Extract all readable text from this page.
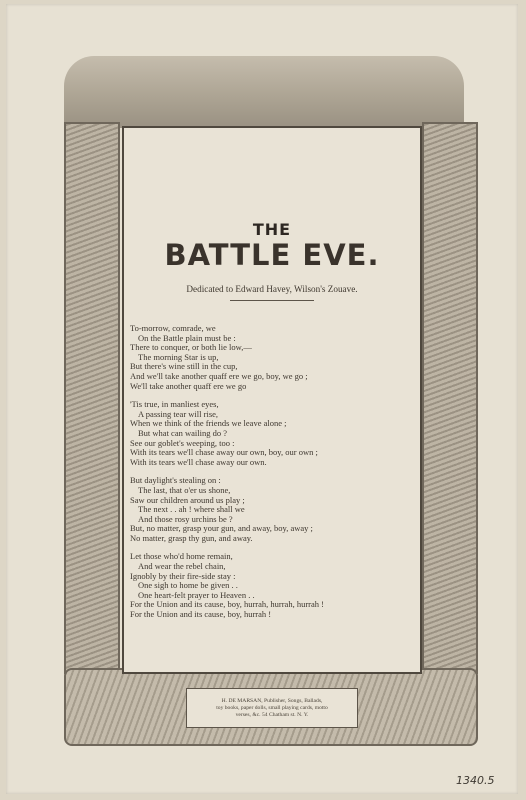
THE
BATTLE EVE.
Dedicated to Edward Havey, Wilson's Zouave.
To-morrow, comrade, we
On the Battle plain must be :
There to conquer, or both lie low,—
The morning Star is up,
But there's wine still in the cup,
And we'll take another quaff ere we go, boy, we go ;
We'll take another quaff ere we go
'Tis true, in manliest eyes,
A passing tear will rise,
When we think of the friends we leave alone ;
But what can wailing do ?
See our goblet's weeping, too :
With its tears we'll chase away our own, boy, our own ;
With its tears we'll chase away our own.
But daylight's stealing on :
The last, that o'er us shone,
Saw our children around us play ;
The next . . ah ! where shall we
And those rosy urchins be ?
But, no matter, grasp your gun, and away, boy, away ;
No matter, grasp thy gun, and away.
Let those who'd home remain,
And wear the rebel chain,
Ignobly by their fire-side stay :
One sigh to home be given . .
One heart-felt prayer to Heaven . .
For the Union and its cause, boy, hurrah, hurrah, hurrah !
For the Union and its cause, boy, hurrah !
H. DE MARSAN, Publisher, Songs, Ballads,
toy books, paper dolls, small playing cards, motto
verses, &c. 54 Chatham st. N. Y.
1340.5
